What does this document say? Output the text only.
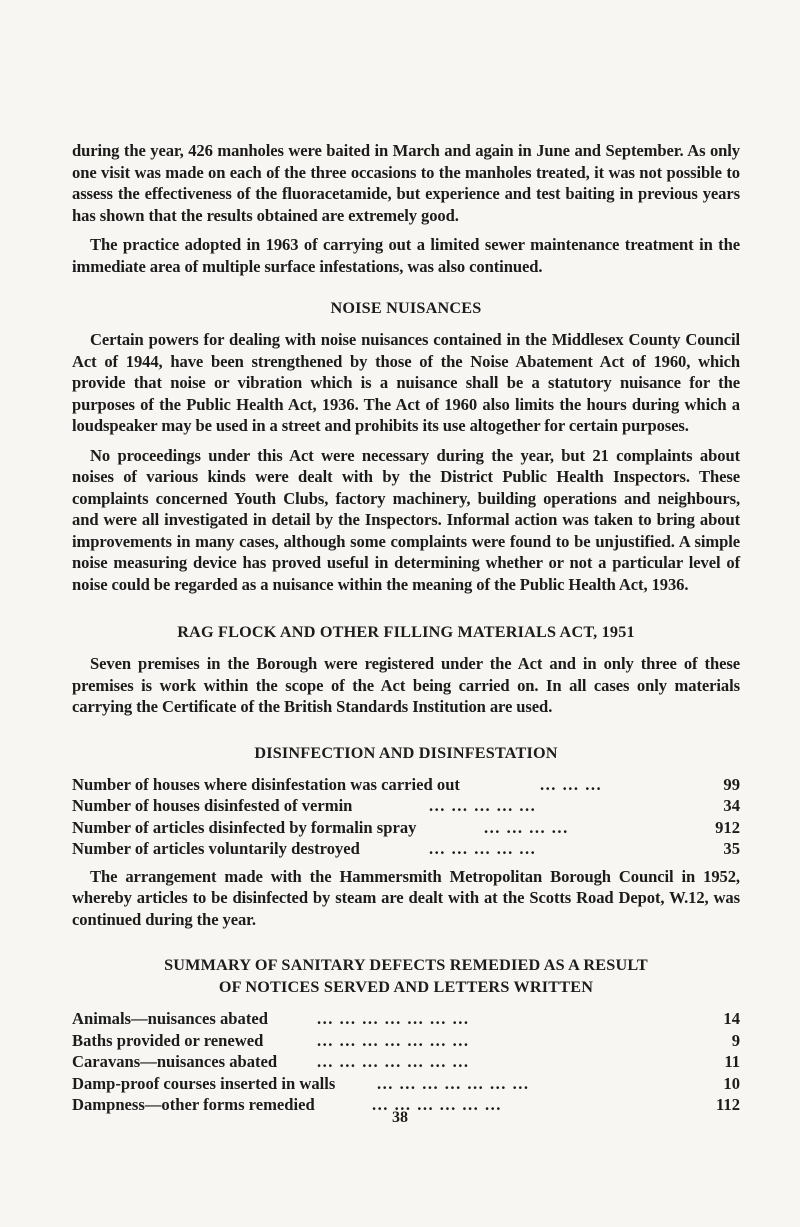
during the year, 426 manholes were baited in March and again in June and September. As only one visit was made on each of the three occasions to the manholes treated, it was not possible to assess the effectiveness of the fluoracetamide, but experience and test baiting in previous years has shown that the results obtained are extremely good.

The practice adopted in 1963 of carrying out a limited sewer maintenance treatment in the immediate area of multiple surface infestations, was also continued.

NOISE NUISANCES

Certain powers for dealing with noise nuisances contained in the Middlesex County Council Act of 1944, have been strengthened by those of the Noise Abatement Act of 1960, which provide that noise or vibration which is a nuisance shall be a statutory nuisance for the purposes of the Public Health Act, 1936. The Act of 1960 also limits the hours during which a loudspeaker may be used in a street and prohibits its use altogether for certain purposes.

No proceedings under this Act were necessary during the year, but 21 complaints about noises of various kinds were dealt with by the District Public Health Inspectors. These complaints concerned Youth Clubs, factory machinery, building operations and neighbours, and were all investigated in detail by the Inspectors. Informal action was taken to bring about improvements in many cases, although some complaints were found to be unjustified. A simple noise measuring device has proved useful in determining whether or not a particular level of noise could be regarded as a nuisance within the meaning of the Public Health Act, 1936.

RAG FLOCK AND OTHER FILLING MATERIALS ACT, 1951

Seven premises in the Borough were registered under the Act and in only three of these premises is work within the scope of the Act being carried on. In all cases only materials carrying the Certificate of the British Standards Institution are used.

DISINFECTION AND DISINFESTATION
Number of houses where disinfestation was carried out	... ... ...	99
Number of houses disinfested of vermin	... ... ... ... ...	34
Number of articles disinfected by formalin spray	... ... ... ...	912
Number of articles voluntarily destroyed	... ... ... ... ...	35

The arrangement made with the Hammersmith Metropolitan Borough Council in 1952, whereby articles to be disinfected by steam are dealt with at the Scotts Road Depot, W.12, was continued during the year.

SUMMARY OF SANITARY DEFECTS REMEDIED AS A RESULT
OF NOTICES SERVED AND LETTERS WRITTEN
Animals—nuisances abated	... ... ... ... ... ... ...	14
Baths provided or renewed	... ... ... ... ... ... ...	9
Caravans—nuisances abated ... ... ... ... ... ... ...	11
Damp-proof courses inserted in walls	... ... ... ... ... ... ...	10
Dampness—other forms remedied	... ... ... ... ... ...	112
38
